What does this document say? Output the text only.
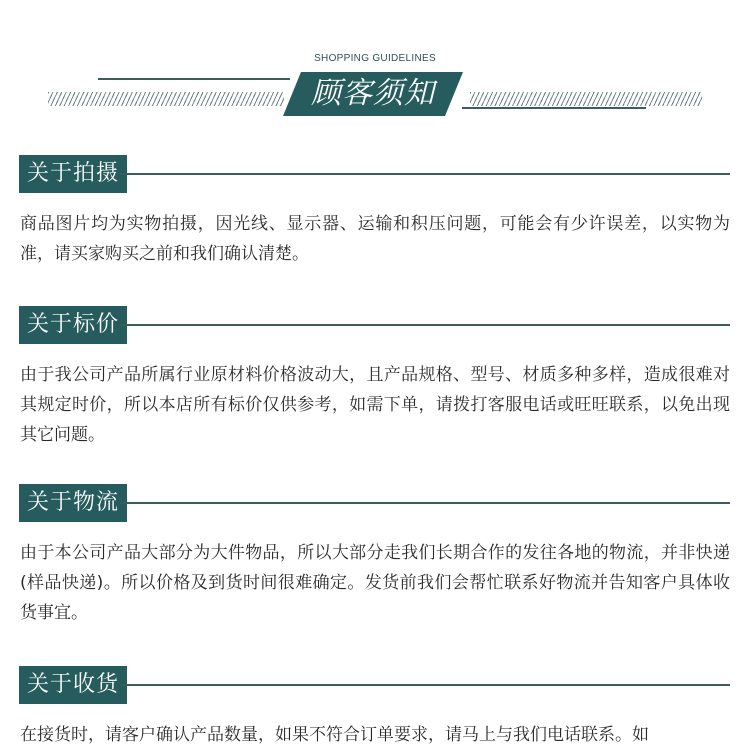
SHOPPING GUIDELINES
顾客须知
关于拍摄
商品图片均为实物拍摄，因光线、显示器、运输和积压问题，可能会有少许误差，以实物为准，请买家购买之前和我们确认清楚。
关于标价
由于我公司产品所属行业原材料价格波动大，且产品规格、型号、材质多种多样，造成很难对其规定时价，所以本店所有标价仅供参考，如需下单，请拨打客服电话或旺旺联系，以免出现其它问题。
关于物流
由于本公司产品大部分为大件物品，所以大部分走我们长期合作的发往各地的物流，并非快递(样品快递)。所以价格及到货时间很难确定。发货前我们会帮忙联系好物流并告知客户具体收货事宜。
关于收货
在接货时，请客户确认产品数量，如果不符合订单要求，请马上与我们电话联系。如
